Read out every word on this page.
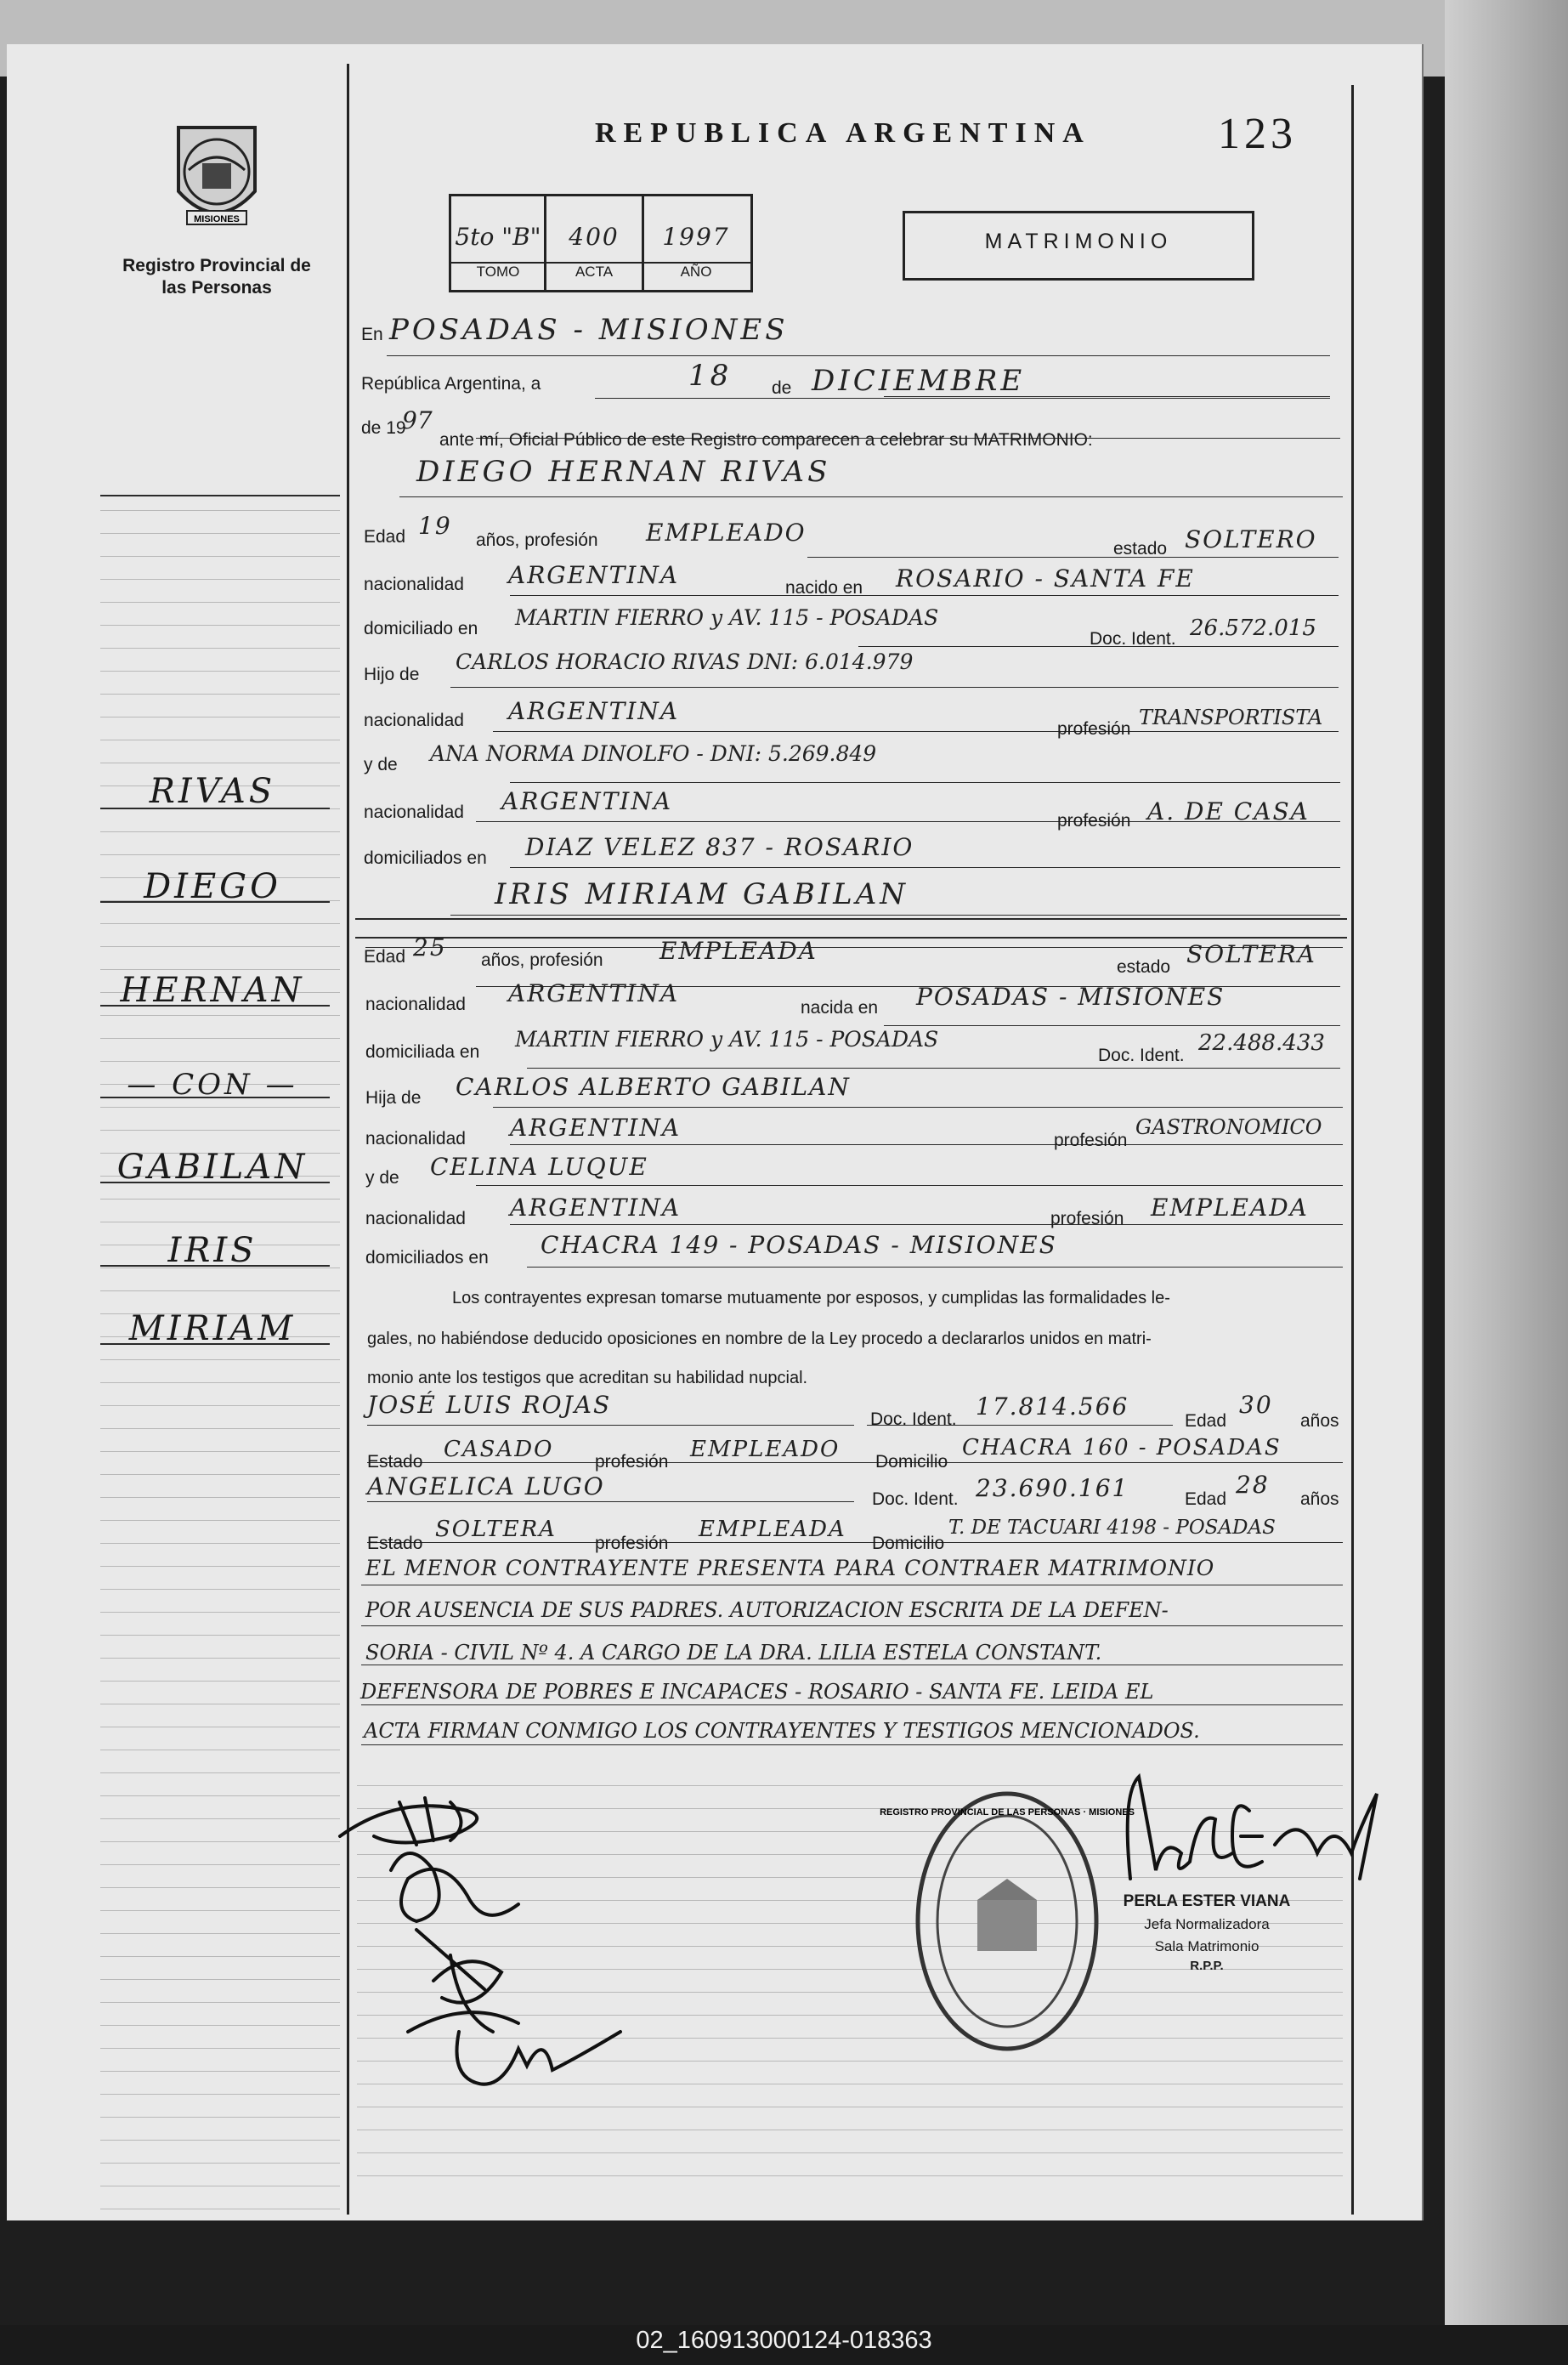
MISIONES
Registro Provincial de las Personas
REPUBLICA ARGENTINA	123
5to "B"	400	1997
TOMO	ACTA	AÑO
MATRIMONIO
RIVAS
DIEGO
HERNAN
— CON —
GABILAN
IRIS
MIRIAM
En POSADAS - MISIONES
República Argentina, a	18 de DICIEMBRE
de 19
97
ante mí, Oficial Público de este Registro comparecen a celebrar su MATRIMONIO:
DIEGO HERNAN RIVAS
Edad 19
años, profesión EMPLEADO
estado SOLTERO
nacionalidad ARGENTINA	nacido en ROSARIO - SANTA FE
domiciliado en MARTIN FIERRO y AV. 115 - POSADAS
Doc. Ident. 26.572.015
Hijo de
CARLOS HORACIO RIVAS DNI: 6.014.979
nacionalidad ARGENTINA
profesión TRANSPORTISTA
y de ANA NORMA DINOLFO - DNI: 5.269.849
nacionalidad ARGENTINA
profesión A. DE CASA
domiciliados en DIAZ VELEZ 837 - ROSARIO
IRIS MIRIAM GABILAN
Edad 25 años, profesión EMPLEADA
estado SOLTERA
nacionalidad ARGENTINA
nacida en POSADAS - MISIONES
domiciliada en
MARTIN FIERRO y AV. 115 - POSADAS
Doc. Ident. 22.488.433
Hija de CARLOS ALBERTO GABILAN
nacionalidad ARGENTINA	profesión
GASTRONOMICO
y de CELINA LUQUE
nacionalidad ARGENTINA	profesión EMPLEADA
domiciliados en CHACRA 149 - POSADAS - MISIONES
Los contrayentes expresan tomarse mutuamente por esposos, y cumplidas las formalidades le-
gales, no habiéndose deducido oposiciones en nombre de la Ley procedo a declararlos unidos en matri-
monio ante los testigos que acreditan su habilidad nupcial.
JOSÉ LUIS ROJAS
Doc. Ident. 17.814.566
Edad
30
años
Estado CASADO profesión EMPLEADO Domicilio
CHACRA 160 - POSADAS
ANGELICA LUGO	Doc. Ident. 23.690.161	Edad
28
años
Estado
SOLTERA
profesión
EMPLEADA
Domicilio
T. DE TACUARI 4198 - POSADAS
EL MENOR CONTRAYENTE PRESENTA PARA CONTRAER MATRIMONIO
POR AUSENCIA DE SUS PADRES. AUTORIZACION ESCRITA DE LA DEFEN-
SORIA - CIVIL Nº 4. A CARGO DE LA DRA. LILIA ESTELA CONSTANT.
DEFENSORA DE POBRES E INCAPACES - ROSARIO - SANTA FE. LEIDA EL
ACTA FIRMAN CONMIGO LOS CONTRAYENTES Y TESTIGOS MENCIONADOS.
REGISTRO PROVINCIAL DE LAS PERSONAS · MISIONES
PERLA ESTER VIANA
Jefa Normalizadora
Sala Matrimonio
R.P.P.
02_160913000124-018363
